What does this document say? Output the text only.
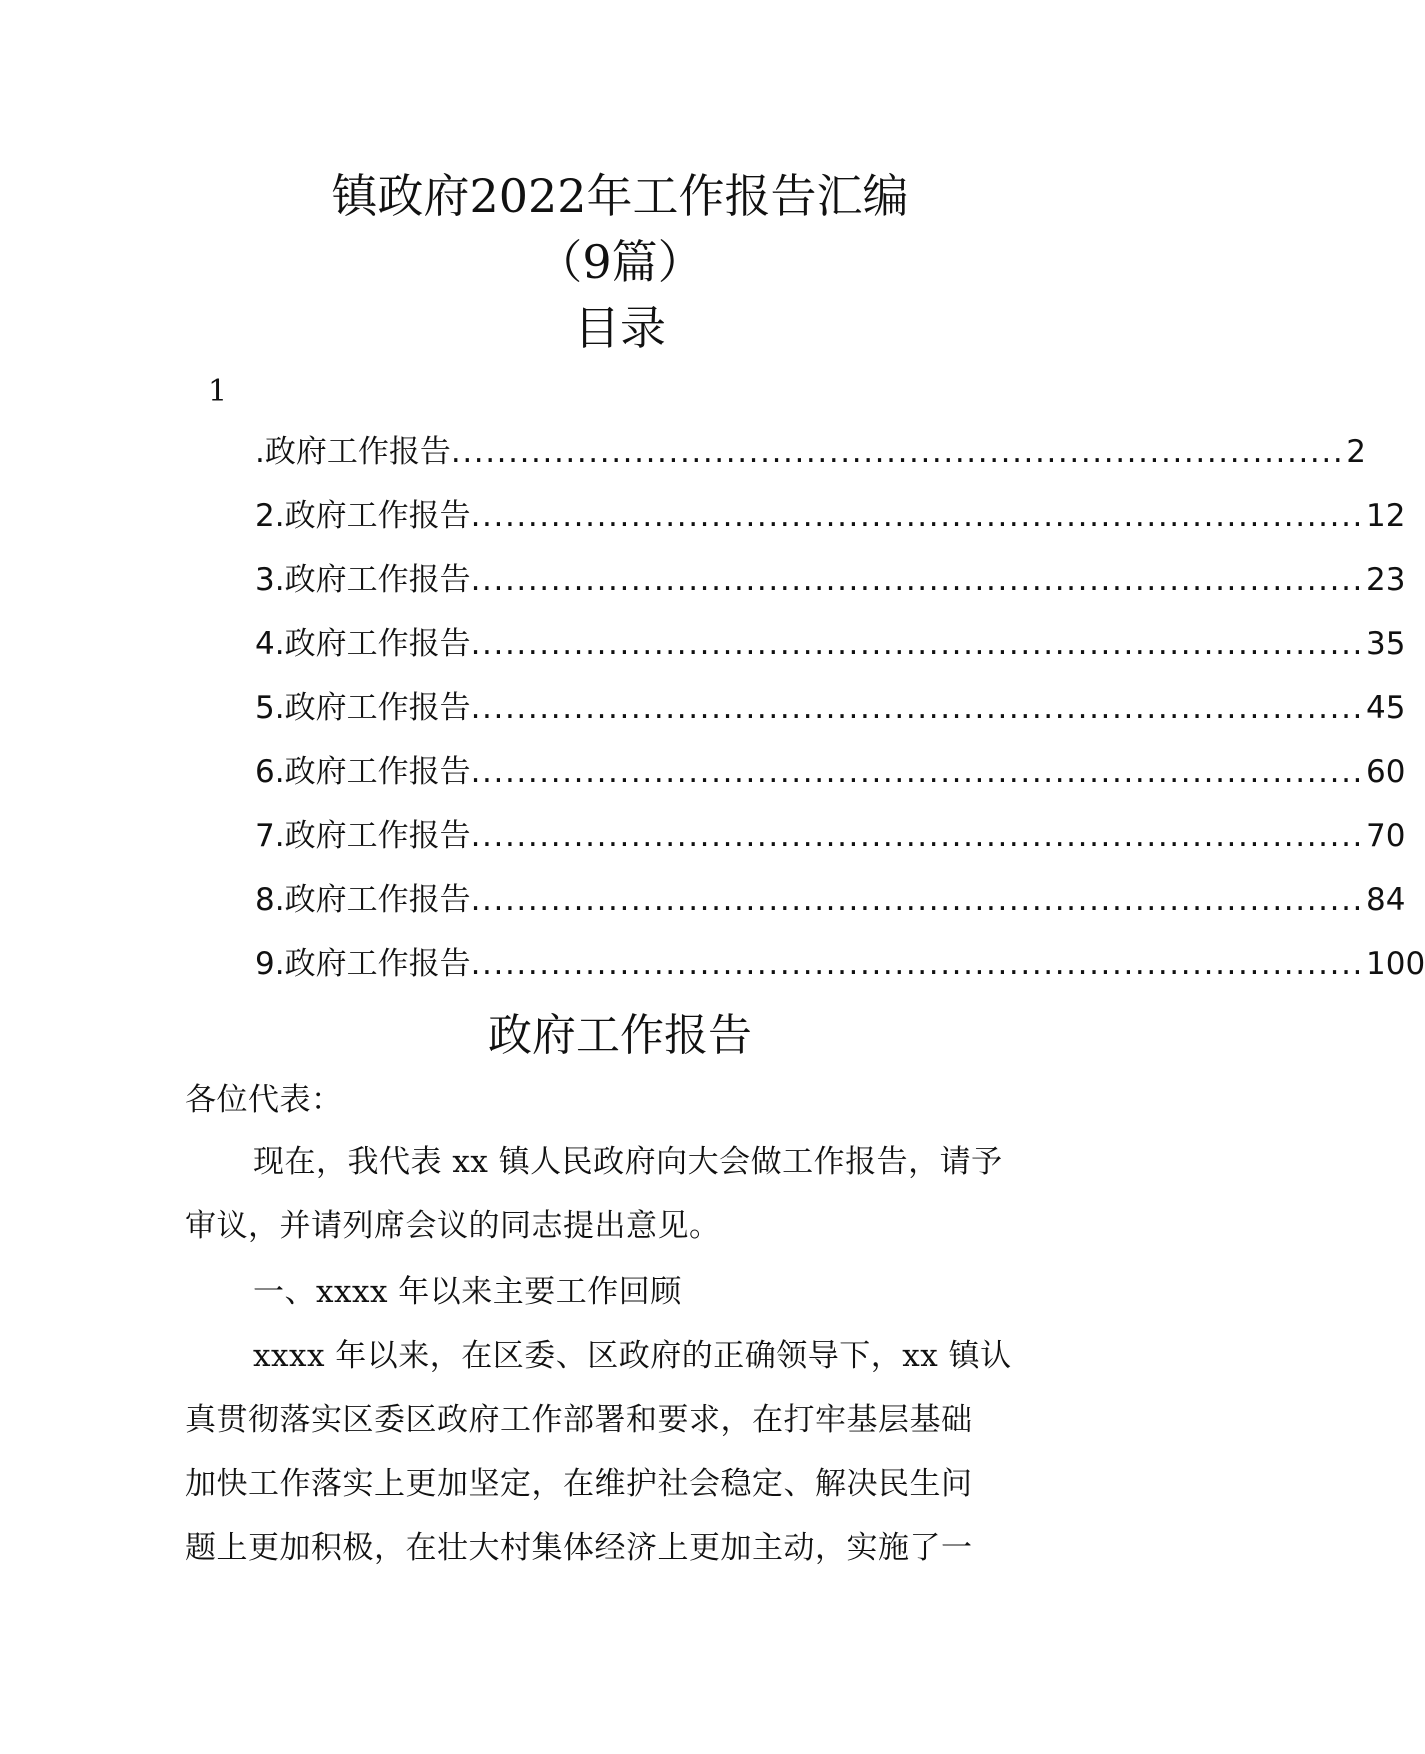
镇政府2022年工作报告汇编
（9篇）
目录
1
.政府工作报告 .............................................................................. 2
2.政府工作报告 .............................................................................. 12
3.政府工作报告 .............................................................................. 23
4.政府工作报告 .............................................................................. 35
5.政府工作报告 .............................................................................. 45
6.政府工作报告 .............................................................................. 60
7.政府工作报告 .............................................................................. 70
8.政府工作报告 .............................................................................. 84
9.政府工作报告 .............................................................................. 100
政府工作报告
各位代表：
现在，我代表 xx 镇人民政府向大会做工作报告，请予
审议，并请列席会议的同志提出意见。
一、xxxx 年以来主要工作回顾
xxxx 年以来，在区委、区政府的正确领导下，xx 镇认
真贯彻落实区委区政府工作部署和要求，在打牢基层基础
加快工作落实上更加坚定，在维护社会稳定、解决民生问
题上更加积极，在壮大村集体经济上更加主动，实施了一
